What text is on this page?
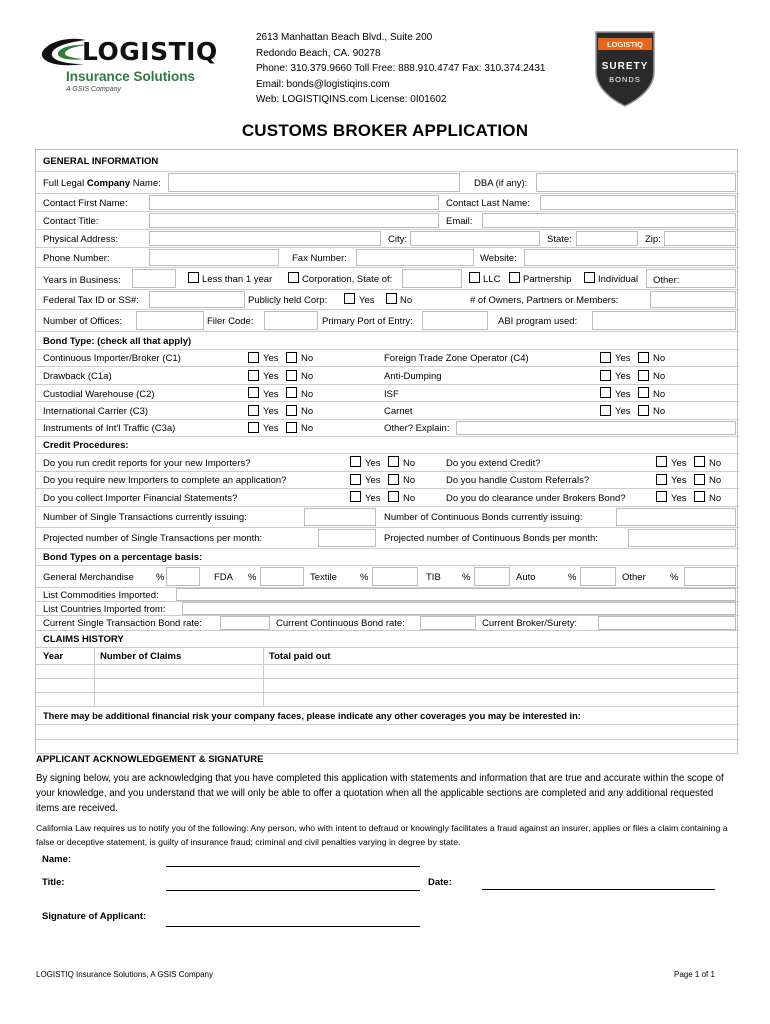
LOGISTIQ
Insurance Solutions
A GSIS Company
2613 Manhattan Beach Blvd., Suite 200
Redondo Beach, CA. 90278
Phone: 310.379.9660 Toll Free: 888.910.4747 Fax: 310.374.2431
Email: bonds@logistiqins.com
Web: LOGISTIQINS.com License: 0I01602
LOGISTIQ
SURETY
BONDS
CUSTOMS BROKER APPLICATION
GENERAL INFORMATION
Full Legal Company Name:	DBA (if any):
Contact First Name:	Contact Last Name:
Contact Title:	Email:
Physical Address:	City:	State:	Zip:
Phone Number:	Fax Number:	Website:
Years in Business:	Less than 1 year	Corporation, State of:	LLC Partnership	Individual Other:
Federal Tax ID or SS#:	Publicly held Corp:	Yes	No	# of Owners, Partners or Members:
Number of Offices:	Filer Code:	Primary Port of Entry:	ABI program used:
Bond Type: (check all that apply)
Continuous Importer/Broker (C1)	Yes No	Foreign Trade Zone Operator (C4)	Yes No
Drawback (C1a)	Yes No	Anti-Dumping	Yes No
Custodial Warehouse (C2)	Yes No	ISF	Yes No
International Carrier (C3)	Yes No	Carnet	Yes No
Instruments of Int’l Traffic (C3a)	Yes No	Other? Explain:
Credit Procedures:
Do you run credit reports for your new Importers?	Yes No	Do you extend Credit?	Yes No
Do you require new Importers to complete an application?	Yes No	Do you handle Custom Referrals?	Yes No
Do you collect Importer Financial Statements?	Yes No	Do you do clearance under Brokers Bond?	Yes No
Number of Single Transactions currently issuing:	Number of Continuous Bonds currently issuing:
Projected number of Single Transactions per month:	Projected number of Continuous Bonds per month:
Bond Types on a percentage basis:
General Merchandise %	FDA %	Textile %	TIB %	Auto	%	Other	%
List Commodities Imported:
List Countries Imported from:
Current Single Transaction Bond rate:	Current Continuous Bond rate:	Current Broker/Surety:
CLAIMS HISTORY
Year	Number of Claims	Total paid out
There may be additional financial risk your company faces, please indicate any other coverages you may be interested in:
APPLICANT ACKNOWLEDGEMENT & SIGNATURE
By signing below, you are acknowledging that you have completed this application with statements and information that are true and accurate within the scope of your knowledge, and you understand that we will only be able to offer a quotation when all the applicable sections are completed and any additional requested items are received.
California Law requires us to notify you of the following: Any person, who with intent to defraud or knowingly facilitates a fraud against an insurer, applies or files a claim containing a false or deceptive statement, is guilty of insurance fraud; criminal and civil penalties varying in degree by state.
Name:
Title:	Date:
Signature of Applicant:
LOGISTIQ Insurance Solutions, A GSIS Company	Page 1 of 1
